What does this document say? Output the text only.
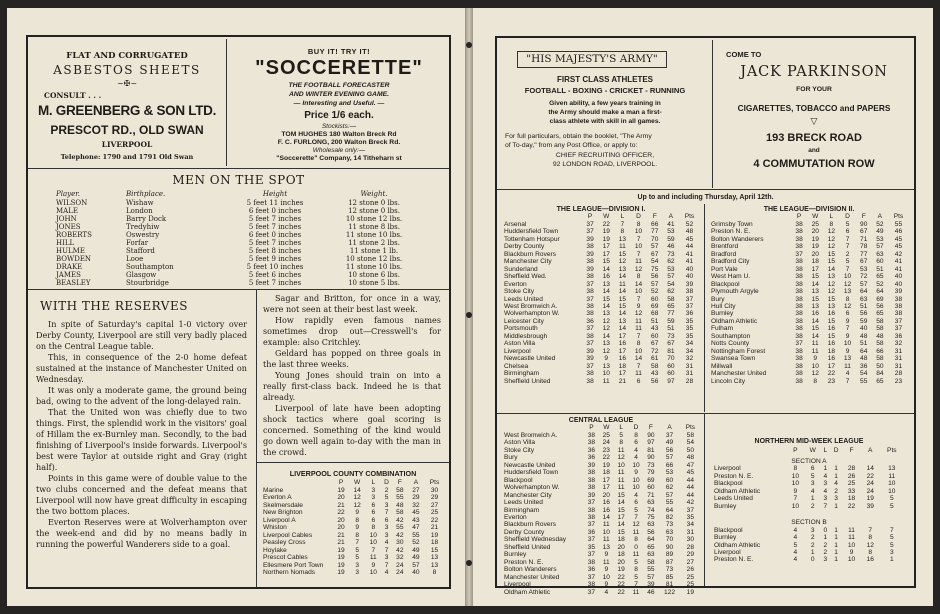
FLAT AND CORRUGATED
ASBESTOS SHEETS
~✠~
CONSULT . . .
M. GREENBERG & SON LTD.
PRESCOT RD., OLD SWAN
LIVERPOOL
Telephone: 1790 and 1791 Old Swan
BUY IT! TRY IT!
"SOCCERETTE"
THE FOOTBALL FORECASTER
AND WINTER EVENING GAME.
— Interesting and Useful. —
Price 1/6 each.
Stockists:—
TOM HUGHES 180 Walton Breck Rd
F. C. FURLONG, 200 Walton Breck Rd.
Wholesale only:—
"Soccerette" Company, 14 Titheharn st
MEN ON THE SPOT
Player.	Birthplace.	Height	Weight.
WILSON	Wishaw	5 feet 11 inches	12 stone 0 lbs.
MALE	London	6 feet 0 inches	12 stone 0 lbs.
JOHN	Barry Dock	5 feet 7 inches	10 stone 12 lbs.
JONES	Tredyhiw	5 feet 7 inches	11 stone 8 lbs.
ROBERTS	Oswestry	6 feet 0 inches	11 stone 10 lbs.
HILL	Forfar	5 feet 7 inches	11 stone 2 lbs.
HULME	Stafford	5 feet 8 inches	11 stone 1 lb.
BOWDEN	Looe	5 feet 9 inches	10 stone 12 lbs.
DRAKE	Southampton	5 feet 10 inches	11 stone 10 lbs.
JAMES	Glasgow	5 feet 6 inches	10 stone 6 lbs.
BEASLEY	Stourbridge	5 feet 7 inches	10 stone 5 lbs.
WITH THE RESERVES

In spite of Saturday's capital 1-0 victory over Derby County, Liverpool are still very badly placed on the Central League table.

This, in consequence of the 2-0 home defeat sustained at the instance of Manchester United on Wednesday.

It was only a moderate game, the ground being bad, owing to the advent of the long-delayed rain.

That the United won was chiefly due to two things. First, the splendid work in the visitors' goal of Hillam the ex-Burnley man. Secondly, to the bad finishing of Liverpool's inside forwards. Liverpool's best were Taylor at outside right and Gray (right half).

Points in this game were of double value to the two clubs concerned and the defeat means that Liverpool will now have great difficulty in escaping the two bottom places.

Everton Reserves were at Wolverhampton over the week-end and did by no means badly in running the powerful Wanderers side to a goal.

Sagar and Britton, for once in a way, were not seen at their best last week.

How rapidly even famous names sometimes drop out—Cresswell's for example: also Critchley.

Geldard has popped on three goals in the last three weeks.

Young Jones should train on into a really first-class back. Indeed he is that already.

Liverpool of late have been adopting shock tactics where goal scoring is concerned. Something of the kind would go down well again to-day with the man in the crowd.

LIVERPOOL COUNTY COMBINATION
	P	W	L	D	F	A	Pts
Marine	19	14	3	2	58	27	30
Everton A	20	12	3	5	55	29	29
Skelmersdale	21	12	6	3	48	32	27
New Brighton	22	9	6	7	58	45	25
Liverpool A	20	8	6	6	42	43	22
Whiston	20	9	8	3	55	47	21
Liverpool Cables	21	8	10	3	42	55	19
Peasley Cross	21	7	10	4	30	52	18
Hoylake	19	5	7	7	42	49	15
Prescot Cables	19	5	11	3	32	49	13
Ellesmere Port Town	19	3	9	7	24	57	13
Northern Nomads	19	3	10	4	24	40	8
"HIS MAJESTY'S ARMY"
FIRST CLASS ATHLETES
FOOTBALL - BOXING - CRICKET - RUNNING
Given ability, a few years training in
the Army should make a man a first-
class athlete with skill in all games.
For full particulars, obtain the booklet, "The Army
of To-day," from any Post Office, or apply to:
CHIEF RECRUITING OFFICER,
92 LONDON ROAD, LIVERPOOL.
COME TO
JACK PARKINSON
FOR YOUR
CIGARETTES, TOBACCO and PAPERS
▽
193 BRECK ROAD
and
4 COMMUTATION ROW
Up to and including Thursday, April 12th.
THE LEAGUE—DIVISION I.
	P	W	L	D	F	A	Pts
Arsenal	37	22	7	8	66	41	52
Huddersfield Town	37	19	8	10	77	53	48
Tottenham Hotspur	39	19	13	7	70	59	45
Derby County	38	17	11	10	57	46	44
Blackburn Rovers	39	17	15	7	67	73	41
Manchester City	38	15	12	11	54	62	41
Sunderland	39	14	13	12	75	53	40
Sheffield Wed.	38	16	14	8	56	57	40
Everton	37	13	11	14	57	54	39
Stoke City	38	14	14	10	52	62	38
Leeds United	37	15	15	7	60	58	37
West Bromwich A.	38	14	15	9	69	65	37
Wolverhampton W.	38	13	14	12	68	77	36
Leicester City	36	12	13	11	51	59	35
Portsmouth	37	12	14	11	43	51	35
Middlesbrough	38	14	17	7	60	73	35
Aston Villa	37	13	16	8	67	67	34
Liverpool	39	12	17	10	72	81	34
Newcastle United	39	9	16	14	61	70	32
Chelsea	37	13	18	7	58	60	31
Birmingham	38	10	17	11	43	60	31
Sheffield United	38	11	21	6	56	97	28
THE LEAGUE—DIVISION II.
	P	W	L	D	F	A	Pts
Grimsby Town	38	25	8	5	90	52	55
Preston N. E.	38	20	12	6	67	49	46
Bolton Wanderers	38	19	12	7	71	53	45
Brentford	38	19	12	7	78	57	45
Bradford	37	20	15	2	77	63	42
Bradford City	38	18	15	5	67	60	41
Port Vale	38	17	14	7	53	51	41
West Ham U.	38	15	13	10	72	65	40
Blackpool	38	14	12	12	57	52	40
Plymouth Argyle	38	13	12	13	64	64	39
Bury	38	15	15	8	63	69	38
Hull City	38	13	13	12	51	56	38
Burnley	38	16	16	6	56	65	38
Oldham Athletic	38	14	15	9	59	58	37
Fulham	38	15	16	7	40	58	37
Southampton	38	14	15	9	48	48	36
Notts County	37	11	16	10	51	58	32
Nottingham Forest	38	11	18	9	64	66	31
Swansea Town	38	9	16	13	48	58	31
Millwall	38	10	17	11	36	50	31
Manchester United	38	12	22	4	54	84	28
Lincoln City	38	8	23	7	55	65	23
CENTRAL LEAGUE
	P	W	L	D	F	A	Pts
West Bromwich A.	38	25	5	8	90	37	58
Aston Villa	38	24	8	6	97	49	54
Stoke City	36	23	11	4	81	56	50
Bury	36	22	12	4	90	57	48
Newcastle United	39	19	10	10	73	66	47
Huddersfield Town	38	18	11	9	79	53	45
Blackpool	38	17	11	10	69	60	44
Wolverhampton W.	38	17	11	10	60	62	44
Manchester City	39	20	15	4	71	57	44
Leeds United	37	16	14	6	63	55	42
Birmingham	38	16	15	5	74	64	37
Everton	38	14	17	7	75	82	35
Blackburn Rovers	37	11	14	12	63	73	34
Derby County	36	10	15	11	56	63	31
Sheffield Wednesday	37	11	18	8	64	70	30
Sheffield United	35	13	20	0	65	90	28
Burnley	37	9	18	11	63	89	29
Preston N. E.	38	11	20	5	58	87	27
Bolton Wanderers	36	9	19	8	55	73	26
Manchester United	37	10	22	5	57	85	25
Liverpool	38	9	22	7	39	81	25
Oldham Athletic	37	4	22	11	46	122	19
NORTHERN MID-WEEK LEAGUE
	P	W	L	D	F	A	Pts
SECTION A							
Liverpool	8	6	1	1	28	14	13
Preston N. E.	10	5	4	1	26	22	11
Blackpool	10	3	3	4	25	24	10
Oldham Athletic	9	4	4	2	33	24	10
Leeds United	7	1	3	3	18	19	5
Burnley	10	2	7	1	22	39	5

SECTION B							
Blackpool	4	3	0	1	11	7	7
Burnley	4	2	1	1	11	8	5
Oldham Athletic	5	2	2	1	10	12	5
Liverpool	4	1	2	1	9	8	3
Preston N. E.	4	0	3	1	10	16	1
